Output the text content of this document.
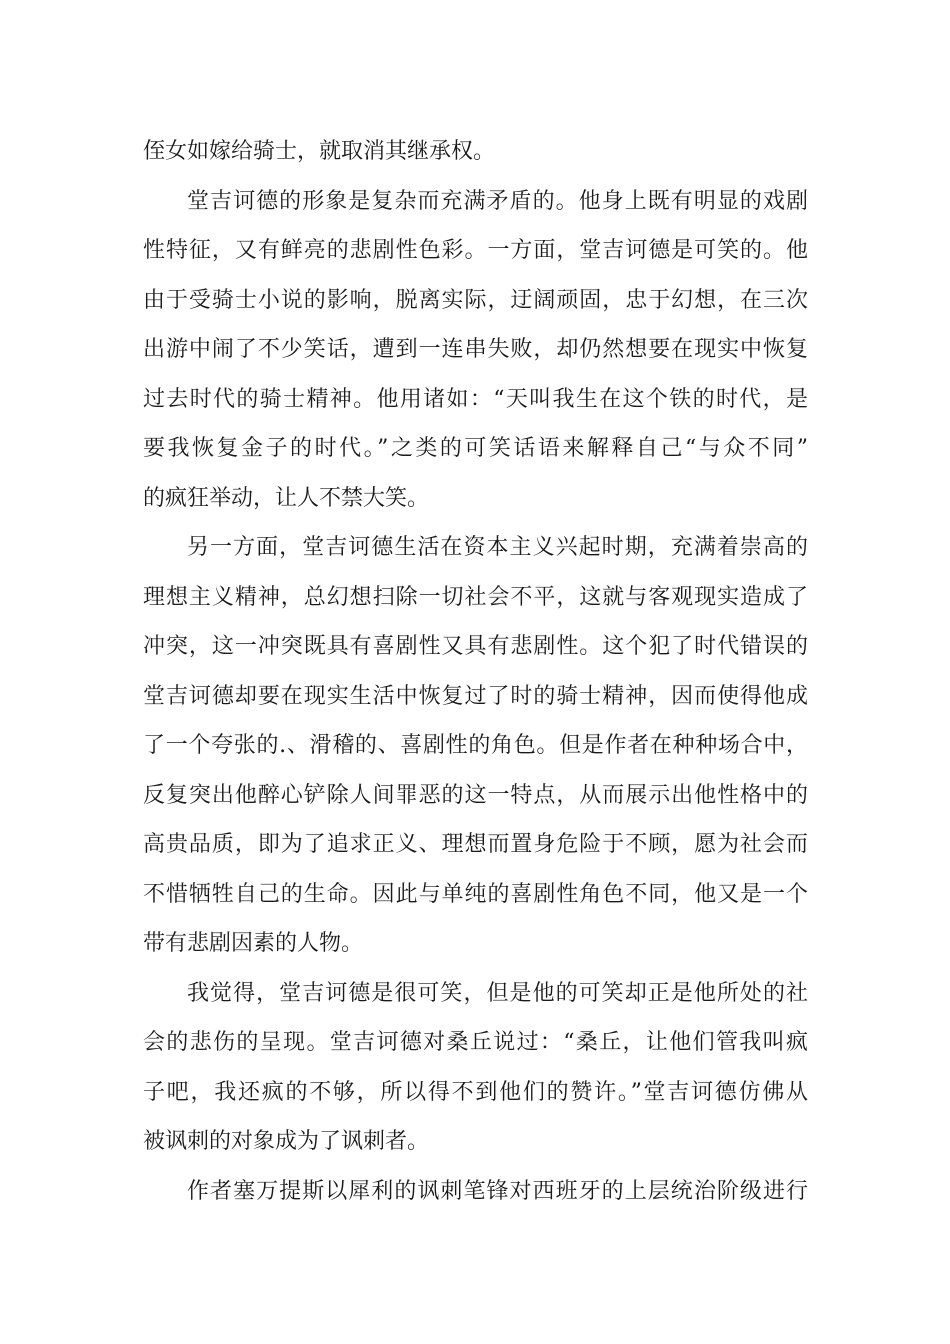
侄女如嫁给骑士，就取消其继承权。
堂吉诃德的形象是复杂而充满矛盾的。他身上既有明显的戏剧
性特征，又有鲜亮的悲剧性色彩。一方面，堂吉诃德是可笑的。他
由于受骑士小说的影响，脱离实际，迂阔顽固，忠于幻想，在三次
出游中闹了不少笑话，遭到一连串失败，却仍然想要在现实中恢复
过去时代的骑士精神。他用诸如：“天叫我生在这个铁的时代，是
要我恢复金子的时代。”之类的可笑话语来解释自己“与众不同”
的疯狂举动，让人不禁大笑。
另一方面，堂吉诃德生活在资本主义兴起时期，充满着崇高的
理想主义精神，总幻想扫除一切社会不平，这就与客观现实造成了
冲突，这一冲突既具有喜剧性又具有悲剧性。这个犯了时代错误的
堂吉诃德却要在现实生活中恢复过了时的骑士精神，因而使得他成
了一个夸张的.、滑稽的、喜剧性的角色。但是作者在种种场合中，
反复突出他醉心铲除人间罪恶的这一特点，从而展示出他性格中的
高贵品质，即为了追求正义、理想而置身危险于不顾，愿为社会而
不惜牺牲自己的生命。因此与单纯的喜剧性角色不同，他又是一个
带有悲剧因素的人物。
我觉得，堂吉诃德是很可笑，但是他的可笑却正是他所处的社
会的悲伤的呈现。堂吉诃德对桑丘说过：“桑丘，让他们管我叫疯
子吧，我还疯的不够，所以得不到他们的赞许。”堂吉诃德仿佛从
被讽刺的对象成为了讽刺者。
作者塞万提斯以犀利的讽刺笔锋对西班牙的上层统治阶级进行
